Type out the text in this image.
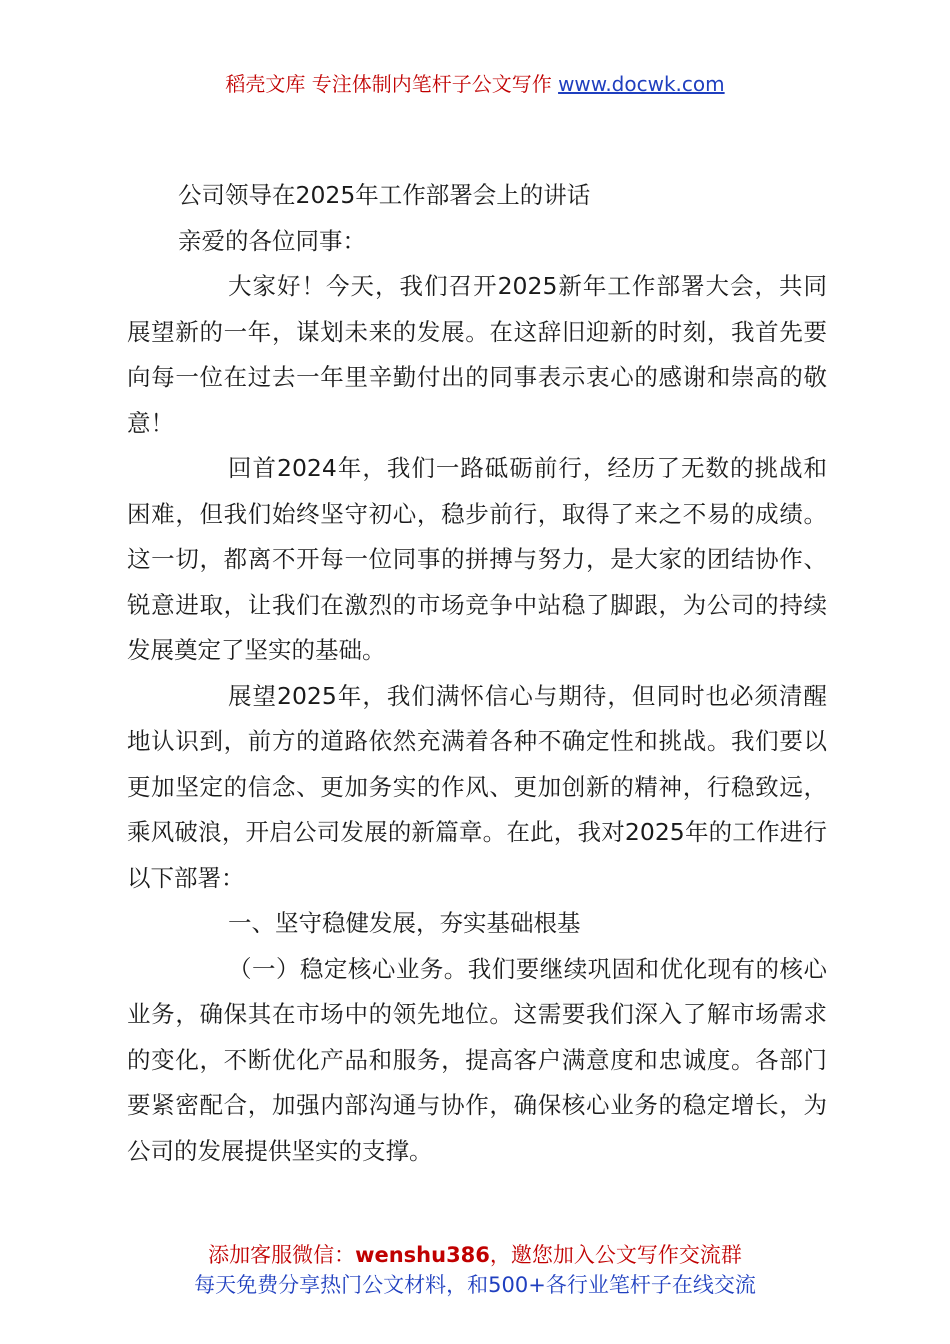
稻壳文库 专注体制内笔杆子公文写作 www.docwk.com

公司领导在2025年工作部署会上的讲话

亲爱的各位同事：

大家好！今天，我们召开2025新年工作部署大会，共同展望新的一年，谋划未来的发展。在这辞旧迎新的时刻，我首先要向每一位在过去一年里辛勤付出的同事表示衷心的感谢和崇高的敬意！

回首2024年，我们一路砥砺前行，经历了无数的挑战和困难，但我们始终坚守初心，稳步前行，取得了来之不易的成绩。这一切，都离不开每一位同事的拼搏与努力，是大家的团结协作、锐意进取，让我们在激烈的市场竞争中站稳了脚跟，为公司的持续发展奠定了坚实的基础。

展望2025年，我们满怀信心与期待，但同时也必须清醒地认识到，前方的道路依然充满着各种不确定性和挑战。我们要以更加坚定的信念、更加务实的作风、更加创新的精神，行稳致远，乘风破浪，开启公司发展的新篇章。在此，我对2025年的工作进行以下部署：

一、坚守稳健发展，夯实基础根基

（一）稳定核心业务。我们要继续巩固和优化现有的核心业务，确保其在市场中的领先地位。这需要我们深入了解市场需求的变化，不断优化产品和服务，提高客户满意度和忠诚度。各部门要紧密配合，加强内部沟通与协作，确保核心业务的稳定增长，为公司的发展提供坚实的支撑。

添加客服微信：wenshu386，邀您加入公文写作交流群
每天免费分享热门公文材料，和500+各行业笔杆子在线交流
